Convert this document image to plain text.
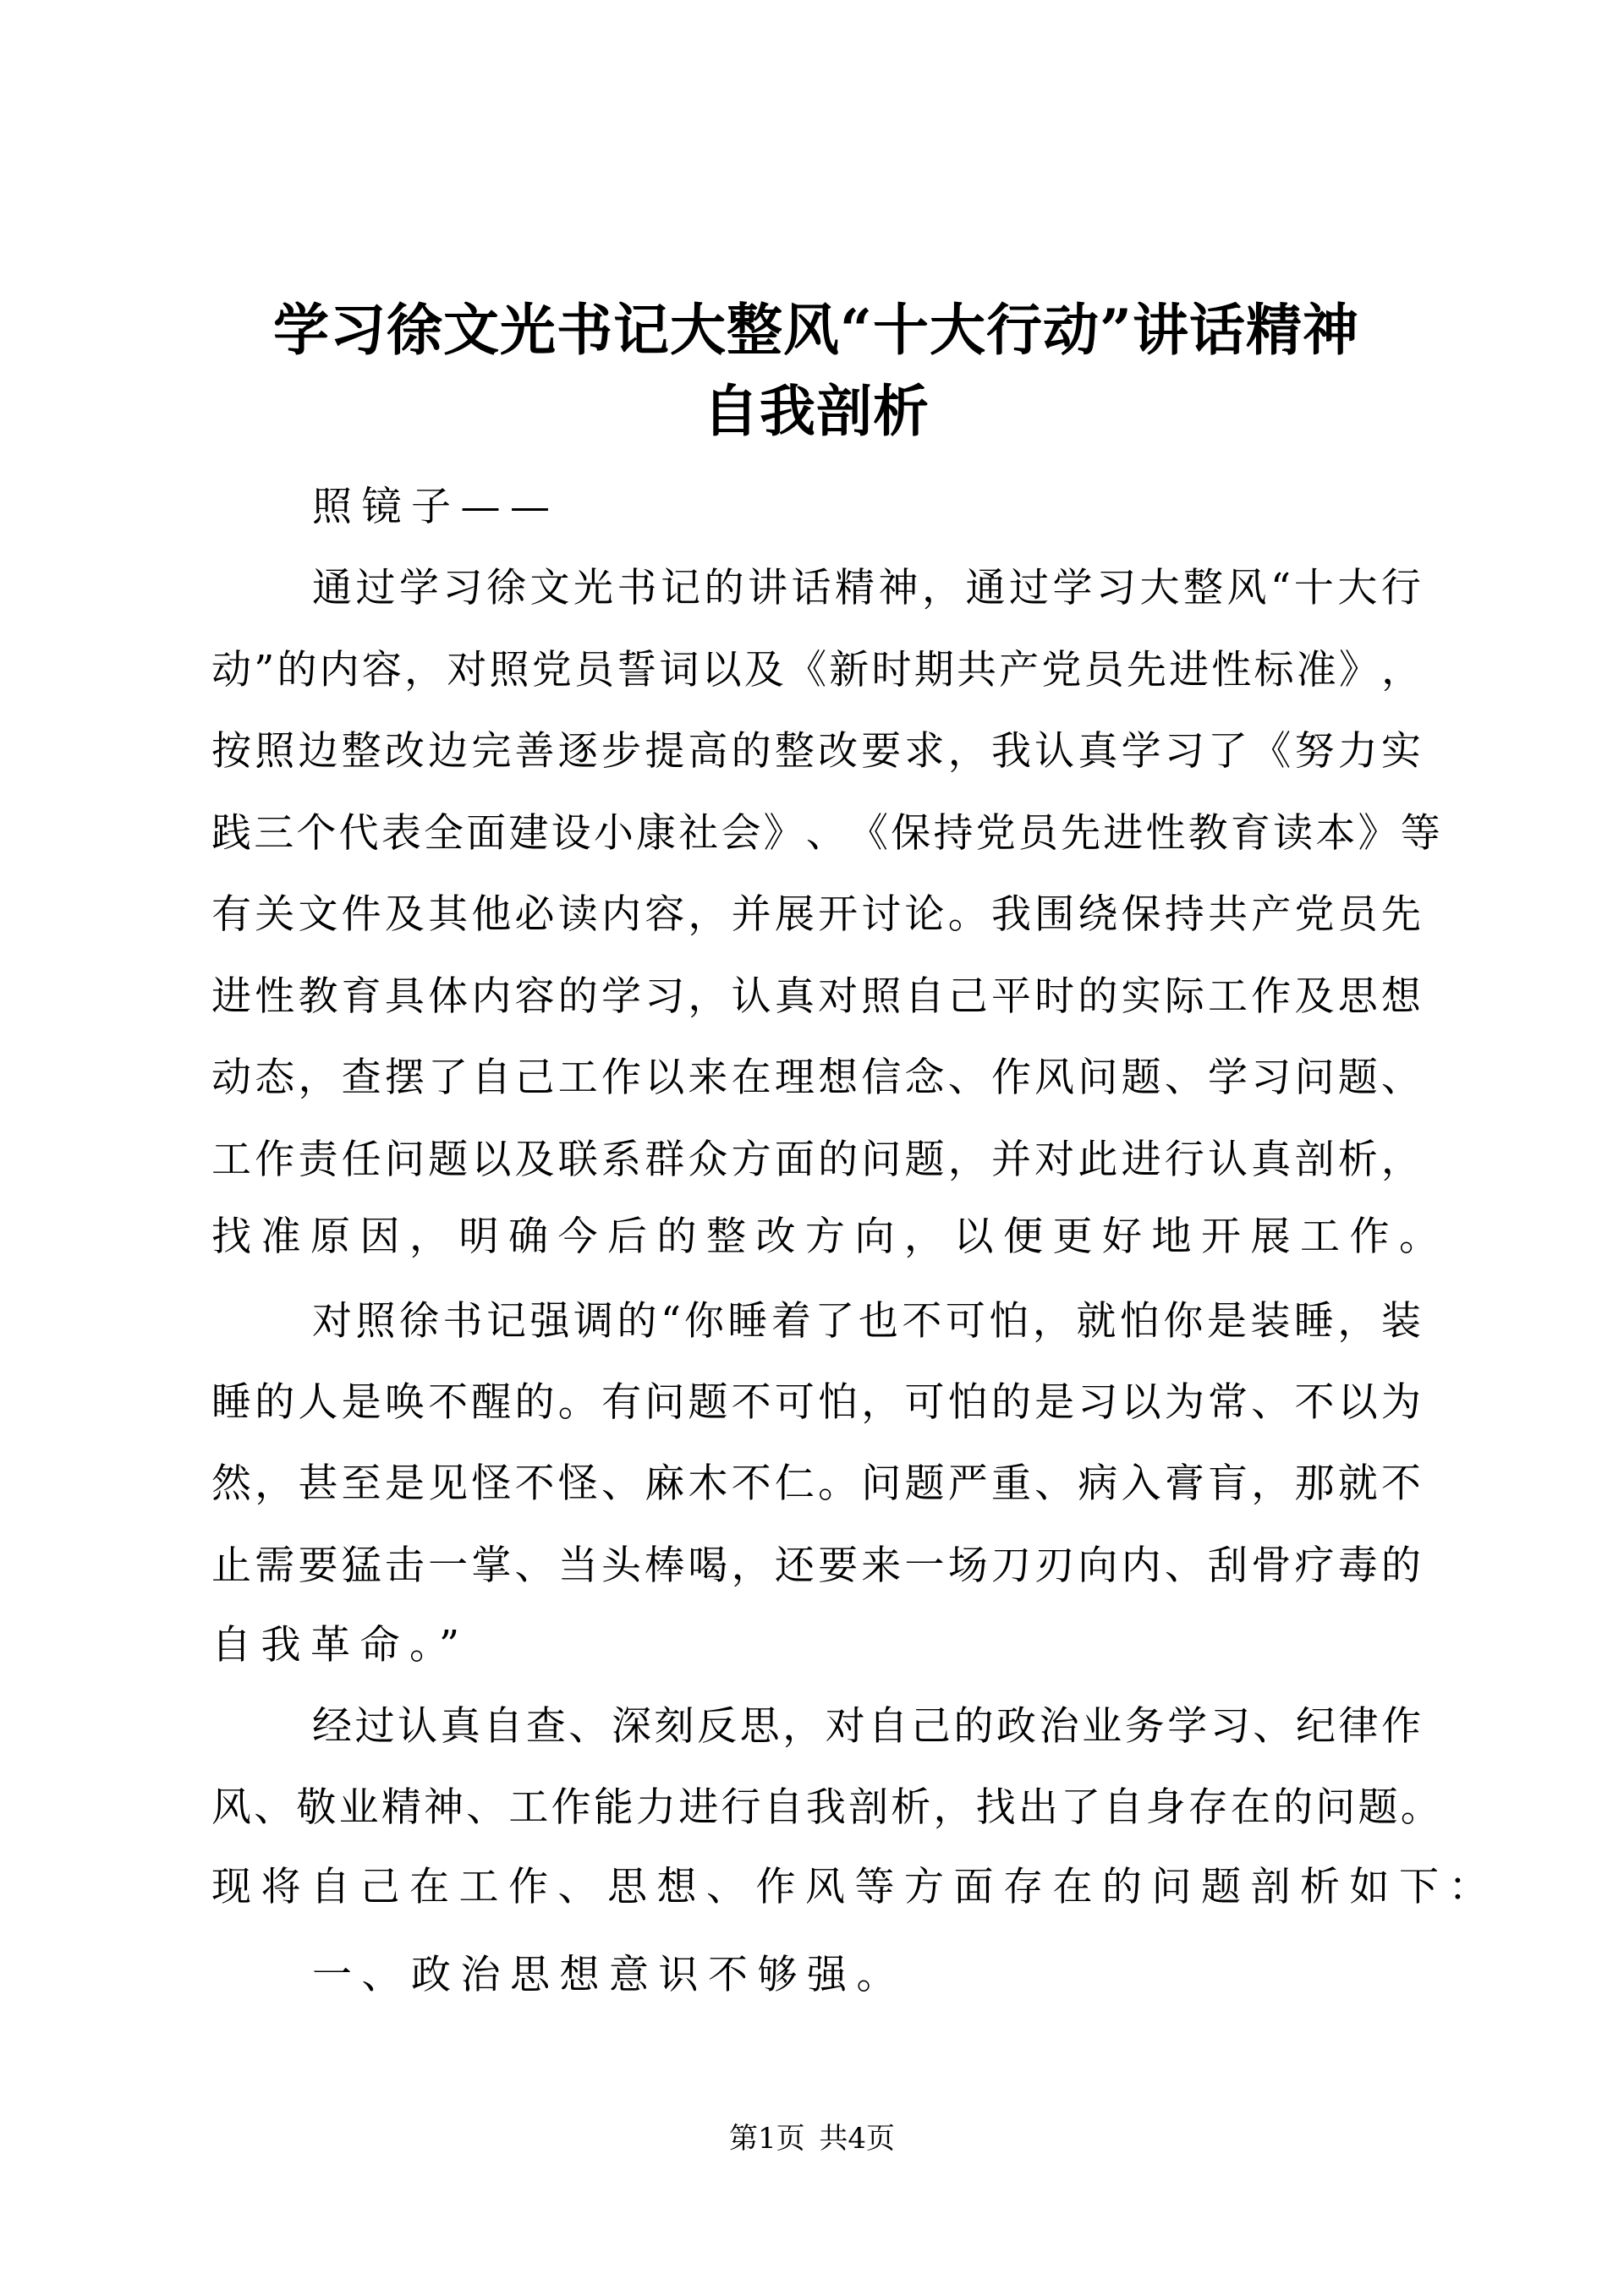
学习徐文光书记大整风“十大行动”讲话精神
自我剖析
照镜子——
通 过 学 习 徐 文 光 书 记 的 讲 话 精 神 ， 通 过 学 习 大 整 风 “ 十 大 行
动 ” 的 内 容 ， 对 照 党 员 誓 词 以 及 《 新 时 期 共 产 党 员 先 进 性 标 准 》 ，
按 照 边 整 改 边 完 善 逐 步 提 高 的 整 改 要 求 ， 我 认 真 学 习 了 《 努 力 实
践 三 个 代 表 全 面 建 设 小 康 社 会 》 、 《 保 持 党 员 先 进 性 教 育 读 本 》 等
有 关 文 件 及 其 他 必 读 内 容 ， 并 展 开 讨 论 。 我 围 绕 保 持 共 产 党 员 先
进 性 教 育 具 体 内 容 的 学 习 ， 认 真 对 照 自 己 平 时 的 实 际 工 作 及 思 想
动 态 ， 查 摆 了 自 己 工 作 以 来 在 理 想 信 念 、 作 风 问 题 、 学 习 问 题 、
工 作 责 任 问 题 以 及 联 系 群 众 方 面 的 问 题 ， 并 对 此 进 行 认 真 剖 析 ，
找准原因，明确今后的整改方向，以便更好地开展工作。
对 照 徐 书 记 强 调 的 “ 你 睡 着 了 也 不 可 怕 ， 就 怕 你 是 装 睡 ， 装
睡 的 人 是 唤 不 醒 的 。 有 问 题 不 可 怕 ， 可 怕 的 是 习 以 为 常 、 不 以 为
然 ， 甚 至 是 见 怪 不 怪 、 麻 木 不 仁 。 问 题 严 重 、 病 入 膏 肓 ， 那 就 不
止 需 要 猛 击 一 掌 、 当 头 棒 喝 ， 还 要 来 一 场 刀 刃 向 内 、 刮 骨 疗 毒 的
自我革命。”
经 过 认 真 自 查 、 深 刻 反 思 ， 对 自 己 的 政 治 业 务 学 习 、 纪 律 作
风 、 敬 业 精 神 、 工 作 能 力 进 行 自 我 剖 析 ， 找 出 了 自 身 存 在 的 问 题 。
现将自己在工作、思想、作风等方面存在的问题剖析如下：
一、政治思想意识不够强。
第1页 共4页
